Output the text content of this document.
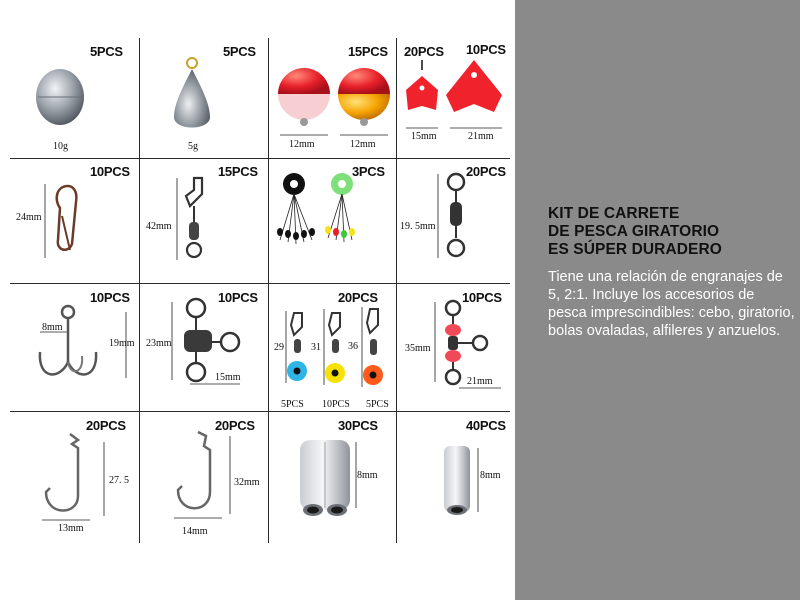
5PCS
10g
5PCS
5g
15PCS
12mm	12mm
20PCS 10PCS
15mm	21mm
10PCS
24mm
15PCS
42mm
3PCS	20PCS
19. 5mm
10PCS
8mm
19mm
10PCS
23mm
15mm
20PCS
29	31	36
5PCS 10PCS 5PCS
10PCS
35mm
21mm
20PCS
27. 5
13mm
20PCS
32mm
14mm
30PCS
8mm
40PCS
8mm
KIT DE CARRETE
DE PESCA GIRATORIO
ES SÚPER DURADERO

Tiene una relación de engranajes de 5, 2:1. Incluye los accesorios de pesca imprescindibles: cebo, giratorio, bolas ovaladas, alfileres y anzuelos.
